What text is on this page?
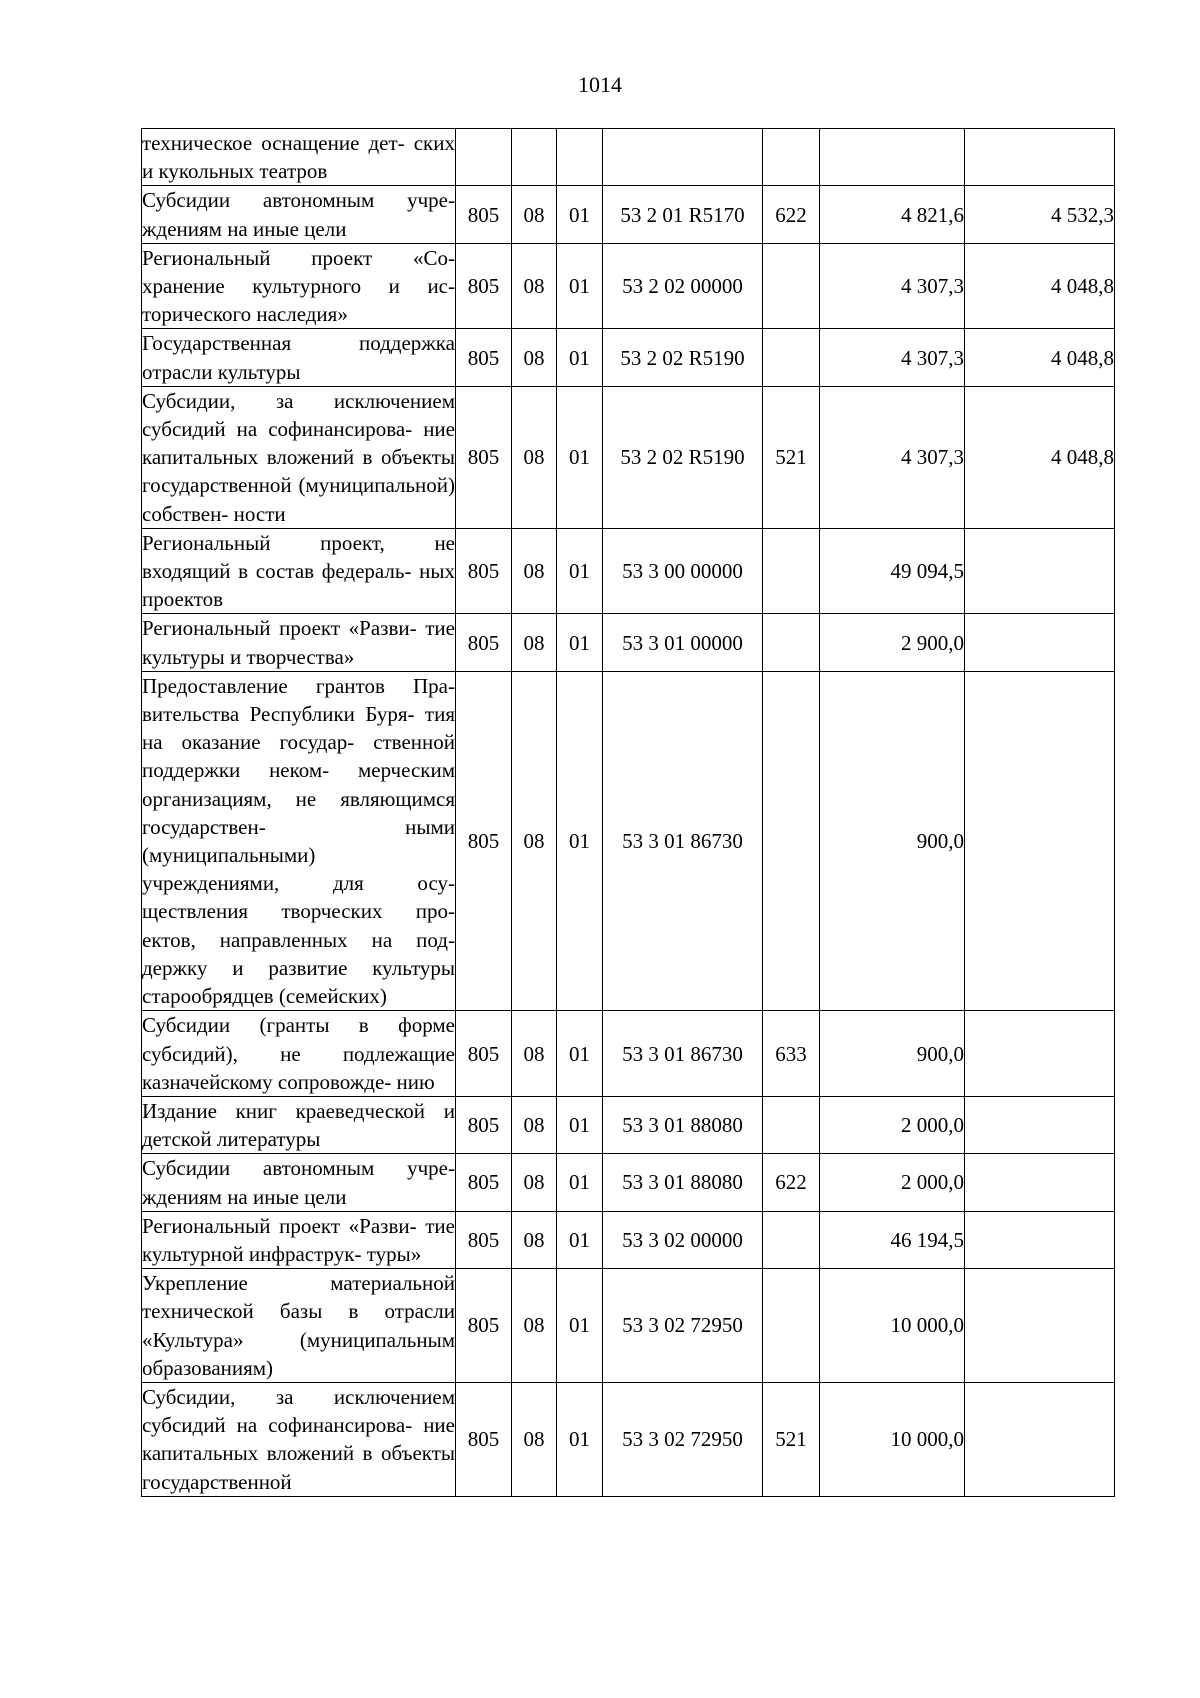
1014
техническое оснащение дет- ских и кукольных театров							
Субсидии автономным учре- ждениям на иные цели	805	08	01	53 2 01 R5170	622	4 821,6	4 532,3
Региональный проект «Со- хранение культурного и ис- торического наследия»	805	08	01	53 2 02 00000		4 307,3	4 048,8
Государственная поддержка отрасли культуры	805	08	01	53 2 02 R5190		4 307,3	4 048,8
Субсидии, за исключением субсидий на софинансирова- ние капитальных вложений в объекты государственной (муниципальной) собствен- ности	805	08	01	53 2 02 R5190	521	4 307,3	4 048,8
Региональный проект, не входящий в состав федераль- ных проектов	805	08	01	53 3 00 00000		49 094,5	
Региональный проект «Разви- тие культуры и творчества»	805	08	01	53 3 01 00000		2 900,0	
Предоставление грантов Пра- вительства Республики Буря- тия на оказание государ- ственной поддержки неком- мерческим организациям, не являющимся государствен- ными (муниципальными) учреждениями, для осу- ществления творческих про- ектов, направленных на под- держку и развитие культуры старообрядцев (семейских)	805	08	01	53 3 01 86730		900,0	
Субсидии (гранты в форме субсидий), не подлежащие казначейскому сопровожде- нию	805	08	01	53 3 01 86730	633	900,0	
Издание книг краеведческой и детской литературы	805	08	01	53 3 01 88080		2 000,0	
Субсидии автономным учре- ждениям на иные цели	805	08	01	53 3 01 88080	622	2 000,0	
Региональный проект «Разви- тие культурной инфраструк- туры»	805	08	01	53 3 02 00000		46 194,5	
Укрепление материальной технической базы в отрасли «Культура» (муниципальным образованиям)	805	08	01	53 3 02 72950		10 000,0	
Субсидии, за исключением субсидий на софинансирова- ние капитальных вложений в объекты государственной	805	08	01	53 3 02 72950	521	10 000,0	
